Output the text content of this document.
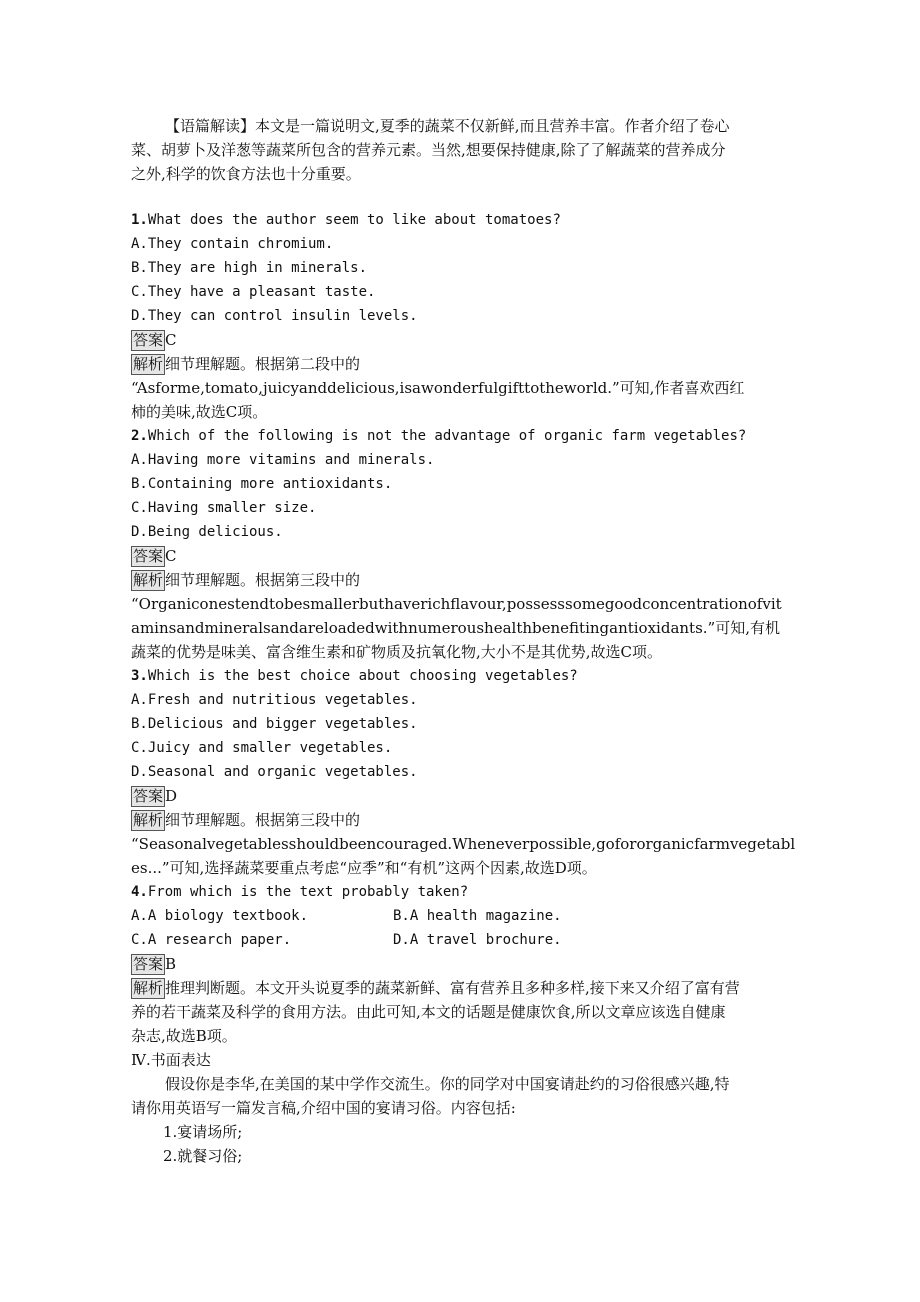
【语篇解读】本文是一篇说明文,夏季的蔬菜不仅新鲜,而且营养丰富。作者介绍了卷心
菜、胡萝卜及洋葱等蔬菜所包含的营养元素。当然,想要保持健康,除了了解蔬菜的营养成分
之外,科学的饮食方法也十分重要。
1.What does the author seem to like about tomatoes?
A.They contain chromium.
B.They are high in minerals.
C.They have a pleasant taste.
D.They can control insulin levels.
答案 C
解析 细节理解题。根据第二段中的
“Asforme,tomato,juicyanddelicious,isawonderfulgifttotheworld.”可知,作者喜欢西红
柿的美味,故选C项。
2.Which of the following is not the advantage of organic farm vegetables?
A.Having more vitamins and minerals.
B.Containing more antioxidants.
C.Having smaller size.
D.Being delicious.
答案 C
解析 细节理解题。根据第三段中的
“Organiconestendtobesmallerbuthaverichflavour,possesssomegoodconcentrationofvit
aminsandmineralsandareloadedwithnumeroushealthbenefitingantioxidants.”可知,有机
蔬菜的优势是味美、富含维生素和矿物质及抗氧化物,大小不是其优势,故选C项。
3.Which is the best choice about choosing vegetables?
A.Fresh and nutritious vegetables.
B.Delicious and bigger vegetables.
C.Juicy and smaller vegetables.
D.Seasonal and organic vegetables.
答案 D
解析 细节理解题。根据第三段中的
“Seasonalvegetablesshouldbeencouraged.Wheneverpossible,gofororganicfarmvegetabl
es...”可知,选择蔬菜要重点考虑“应季”和“有机”这两个因素,故选D项。
4.From which is the text probably taken?
A.A biology textbook.	B.A health magazine.
C.A research paper.	D.A travel brochure.
答案 B
解析 推理判断题。本文开头说夏季的蔬菜新鲜、富有营养且多种多样,接下来又介绍了富有营
养的若干蔬菜及科学的食用方法。由此可知,本文的话题是健康饮食,所以文章应该选自健康
杂志,故选B项。
Ⅳ.书面表达
假设你是李华,在美国的某中学作交流生。你的同学对中国宴请赴约的习俗很感兴趣,特
请你用英语写一篇发言稿,介绍中国的宴请习俗。内容包括:
1.宴请场所;
2.就餐习俗;
